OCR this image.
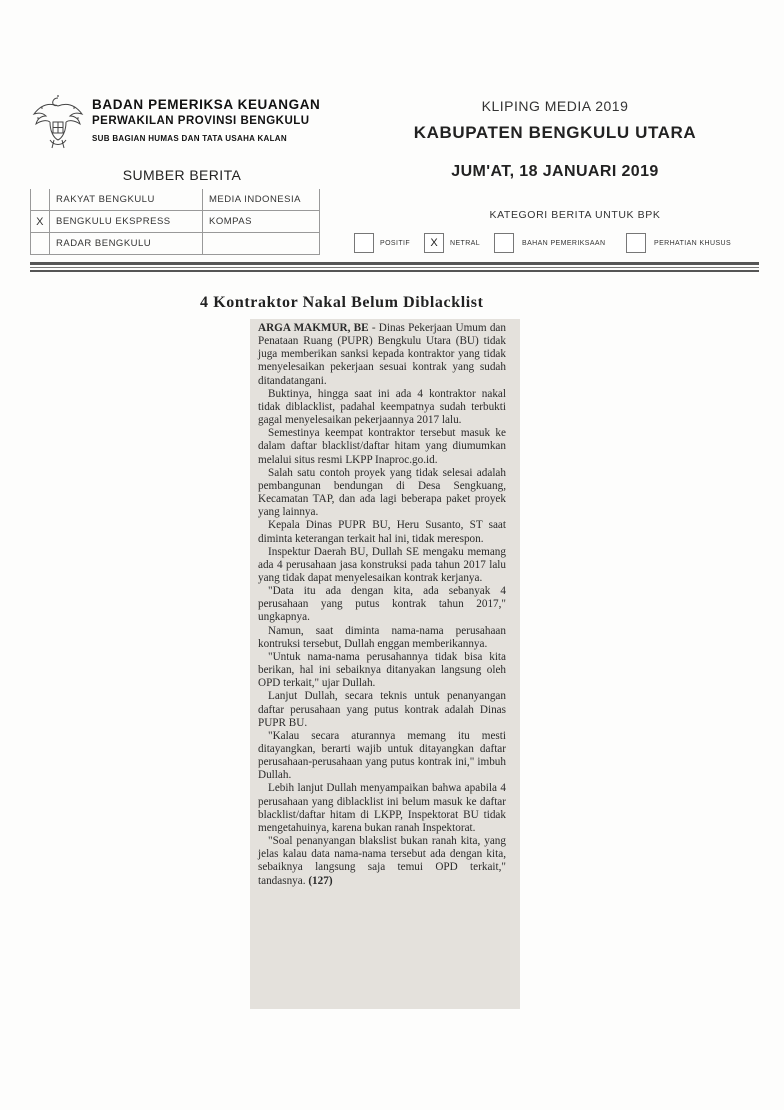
BADAN PEMERIKSA KEUANGAN
PERWAKILAN PROVINSI BENGKULU
SUB BAGIAN HUMAS DAN TATA USAHA KALAN
KLIPING MEDIA 2019
KABUPATEN BENGKULU UTARA
JUM'AT, 18 JANUARI 2019
SUMBER BERITA
	RAKYAT BENGKULU	MEDIA INDONESIA
X	BENGKULU EKSPRESS	KOMPAS
	RADAR BENGKULU	
KATEGORI BERITA UNTUK BPK
POSITIF	X	NETRAL	BAHAN PEMERIKSAAN	PERHATIAN KHUSUS
4 Kontraktor Nakal Belum Diblacklist

ARGA MAKMUR, BE - Dinas Pekerjaan Umum dan Penataan Ruang (PUPR) Bengkulu Utara (BU) tidak juga memberikan sanksi kepada kontraktor yang tidak menyelesaikan pekerjaan sesuai kontrak yang sudah ditandatangani.

Buktinya, hingga saat ini ada 4 kontraktor nakal tidak diblacklist, padahal keempatnya sudah terbukti gagal menyelesaikan pekerjaannya 2017 lalu.

Semestinya keempat kontraktor tersebut masuk ke dalam daftar blacklist/daftar hitam yang diumumkan melalui situs resmi LKPP Inaproc.go.id.

Salah satu contoh proyek yang tidak selesai adalah pembangunan bendungan di Desa Sengkuang, Kecamatan TAP, dan ada lagi beberapa paket proyek yang lainnya.

Kepala Dinas PUPR BU, Heru Susanto, ST saat diminta keterangan terkait hal ini, tidak merespon.

Inspektur Daerah BU, Dullah SE mengaku memang ada 4 perusahaan jasa konstruksi pada tahun 2017 lalu yang tidak dapat menyelesaikan kontrak kerjanya.

"Data itu ada dengan kita, ada sebanyak 4 perusahaan yang putus kontrak tahun 2017," ungkapnya.

Namun, saat diminta nama-nama perusahaan kontruksi tersebut, Dullah enggan memberikannya.

"Untuk nama-nama perusahannya tidak bisa kita berikan, hal ini sebaiknya ditanyakan langsung oleh OPD terkait," ujar Dullah.

Lanjut Dullah, secara teknis untuk penanyangan daftar perusahaan yang putus kontrak adalah Dinas PUPR BU.

"Kalau secara aturannya memang itu mesti ditayangkan, berarti wajib untuk ditayangkan daftar perusahaan-perusahaan yang putus kontrak ini," imbuh Dullah.

Lebih lanjut Dullah menyampaikan bahwa apabila 4 perusahaan yang diblacklist ini belum masuk ke daftar blacklist/daftar hitam di LKPP, Inspektorat BU tidak mengetahuinya, karena bukan ranah Inspektorat.

"Soal penanyangan blakslist bukan ranah kita, yang jelas kalau data nama-nama tersebut ada dengan kita, sebaiknya langsung saja temui OPD terkait," tandasnya. (127)
